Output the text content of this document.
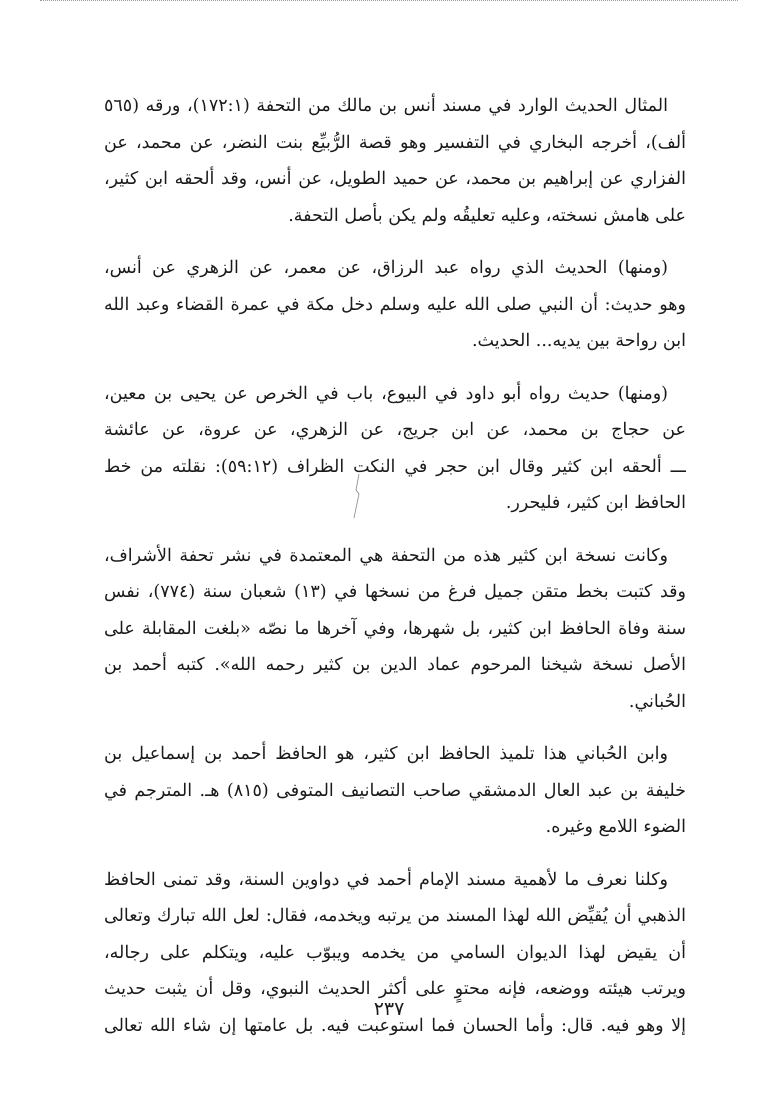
المثال الحديث الوارد في مسند أنس بن مالك من التحفة (١٧٢:١)، ورقه (٥٦٥
ألف)، أخرجه البخاري في التفسير وهو قصة الرُّبيِّع بنت النضر، عن محمد، عن
الفزاري عن إبراهيم بن محمد، عن حميد الطويل، عن أنس، وقد ألحقه ابن كثير،
على هامش نسخته، وعليه تعليقُه ولم يكن بأصل التحفة.

(ومنها) الحديث الذي رواه عبد الرزاق، عن معمر، عن الزهري عن أنس،
وهو حديث: أن النبي صلى الله عليه وسلم دخل مكة في عمرة القضاء وعبد الله
ابن رواحة بين يديه... الحديث.

(ومنها) حديث رواه أبو داود في البيوع، باب في الخرص عن يحيى بن معين،
عن حجاج بن محمد، عن ابن جريج، عن الزهري، عن عروة، عن عائشة
ـــ ألحقه ابن كثير وقال ابن حجر في النكت الظراف (٥٩:١٢): نقلته من خط
الحافظ ابن كثير، فليحرر.

وكانت نسخة ابن كثير هذه من التحفة هي المعتمدة في نشر تحفة الأشراف،
وقد كتبت بخط متقن جميل فرغ من نسخها في (١٣) شعبان سنة (٧٧٤)، نفس
سنة وفاة الحافظ ابن كثير، بل شهرها، وفي آخرها ما نصّه «بلغت المقابلة على
الأصل نسخة شيخنا المرحوم عماد الدين بن كثير رحمه الله». كتبه أحمد بن
الحُباني.

وابن الحُباني هذا تلميذ الحافظ ابن كثير، هو الحافظ أحمد بن إسماعيل بن
خليفة بن عبد العال الدمشقي صاحب التصانيف المتوفى (٨١٥) هـ. المترجم في
الضوء اللامع وغيره.

وكلنا نعرف ما لأهمية مسند الإمام أحمد في دواوين السنة، وقد تمنى الحافظ
الذهبي أن يُقيِّض الله لهذا المسند من يرتبه ويخدمه، فقال: لعل الله تبارك وتعالى
أن يقيض لهذا الديوان السامي من يخدمه ويبوّب عليه، ويتكلم على رجاله،
ويرتب هيئته ووضعه، فإنه محتوٍ على أكثر الحديث النبوي، وقل أن يثبت حديث
إلا وهو فيه. قال: وأما الحسان فما استوعبت فيه. بل عامتها إن شاء الله تعالى

٢٣٧
